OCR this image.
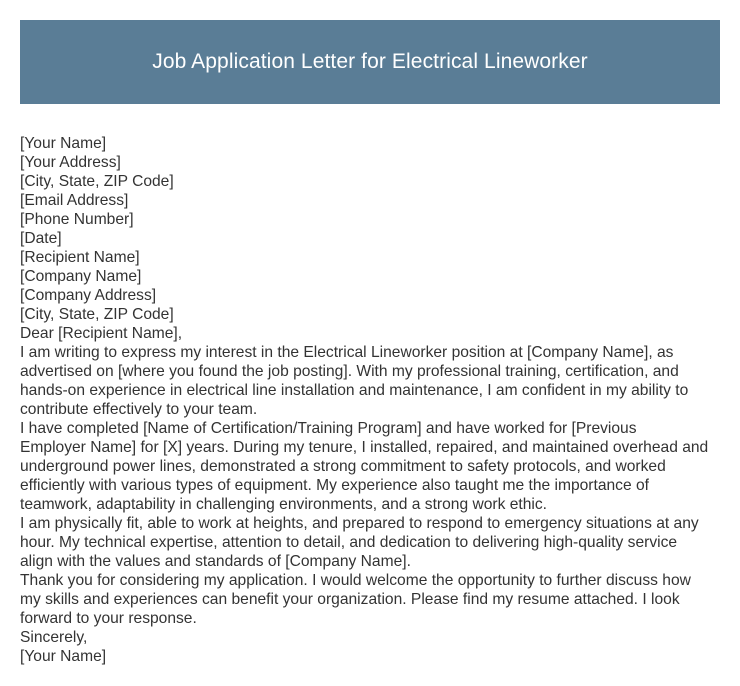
Job Application Letter for Electrical Lineworker
[Your Name]
[Your Address]
[City, State, ZIP Code]
[Email Address]
[Phone Number]
[Date]
[Recipient Name]
[Company Name]
[Company Address]
[City, State, ZIP Code]
Dear [Recipient Name],
I am writing to express my interest in the Electrical Lineworker position at [Company Name], as
advertised on [where you found the job posting]. With my professional training, certification, and
hands-on experience in electrical line installation and maintenance, I am confident in my ability to
contribute effectively to your team.
I have completed [Name of Certification/Training Program] and have worked for [Previous
Employer Name] for [X] years. During my tenure, I installed, repaired, and maintained overhead and
underground power lines, demonstrated a strong commitment to safety protocols, and worked
efficiently with various types of equipment. My experience also taught me the importance of
teamwork, adaptability in challenging environments, and a strong work ethic.
I am physically fit, able to work at heights, and prepared to respond to emergency situations at any
hour. My technical expertise, attention to detail, and dedication to delivering high-quality service
align with the values and standards of [Company Name].
Thank you for considering my application. I would welcome the opportunity to further discuss how
my skills and experiences can benefit your organization. Please find my resume attached. I look
forward to your response.
Sincerely,
[Your Name]
